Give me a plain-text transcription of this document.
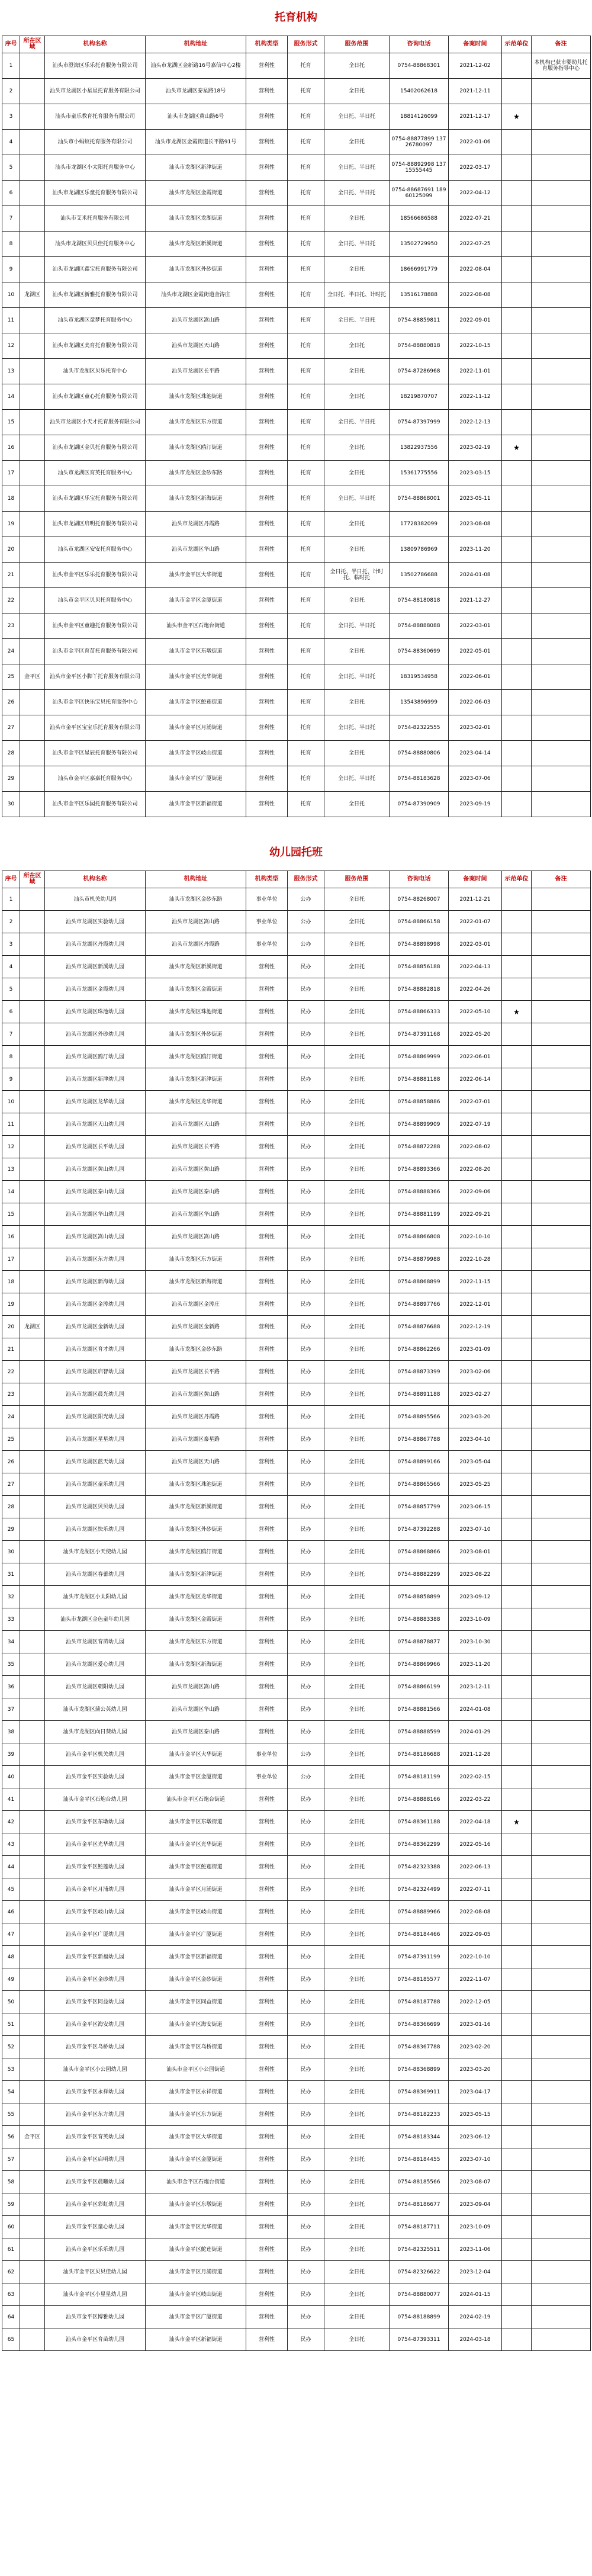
托育机构
序号	所在区域	机构名称	机构地址	机构类型	服务形式	服务范围	咨询电话	备案时间	示范单位	备注
1		汕头市澄海区乐乐托育服务有限公司	汕头市龙湖区金新路16号嘉信中心2楼	营利性	托育	全日托	0754-88868301	2021-12-02		本机构已获市婴幼儿托育服务指导中心
2		汕头市龙湖区小星星托育服务有限公司	汕头市龙湖区泰星路18号	营利性	托育	全日托	15402062618	2021-12-11		
3		汕头市童乐教育托育服务有限公司	汕头市龙湖区黄山路6号	营利性	托育	全日托、半日托	18814126099	2021-12-17	★	
4		汕头市小蚂蚁托育服务有限公司	汕头市龙湖区金霞街道长平路91号	营利性	托育	全日托	0754-88877899 13726780097	2022-01-06		
5		汕头市龙湖区小太阳托育服务中心	汕头市龙湖区新津街道	营利性	托育	全日托、半日托	0754-88892998 13715555445	2022-03-17		
6		汕头市龙湖区乐童托育服务有限公司	汕头市龙湖区金霞街道	营利性	托育	全日托、半日托	0754-88687691 18960125099	2022-04-12		
7		汕头市艾米托育服务有限公司	汕头市龙湖区龙湖街道	营利性	托育	全日托	18566686588	2022-07-21		
8		汕头市龙湖区贝贝佳托育服务中心	汕头市龙湖区新溪街道	营利性	托育	全日托、半日托	13502729950	2022-07-25		
9		汕头市龙湖区鑫宝托育服务有限公司	汕头市龙湖区外砂街道	营利性	托育	全日托	18666991779	2022-08-04		
10	龙湖区	汕头市龙湖区新雅托育服务有限公司	汕头市龙湖区金霞街道金涛庄	营利性	托育	全日托、半日托、计时托	13516178888	2022-08-08		
11		汕头市龙湖区童梦托育服务中心	汕头市龙湖区嵩山路	营利性	托育	全日托、半日托	0754-88859811	2022-09-01		
12		汕头市龙湖区美育托育服务有限公司	汕头市龙湖区天山路	营利性	托育	全日托	0754-88880818	2022-10-15		
13		汕头市龙湖区贝乐托育中心	汕头市龙湖区长平路	营利性	托育	全日托	0754-87286968	2022-11-01		
14		汕头市龙湖区童心托育服务有限公司	汕头市龙湖区珠池街道	营利性	托育	全日托	18219870707	2022-11-12		
15		汕头市龙湖区小天才托育服务有限公司	汕头市龙湖区东方街道	营利性	托育	全日托、半日托	0754-87397999	2022-12-13		
16		汕头市龙湖区金贝托育服务有限公司	汕头市龙湖区鸥汀街道	营利性	托育	全日托	13822937556	2023-02-19	★	
17		汕头市龙湖区育英托育服务中心	汕头市龙湖区金砂东路	营利性	托育	全日托	15361775556	2023-03-15		
18		汕头市龙湖区乐宝托育服务有限公司	汕头市龙湖区新海街道	营利性	托育	全日托、半日托	0754-88868001	2023-05-11		
19		汕头市龙湖区启明托育服务有限公司	汕头市龙湖区丹霞路	营利性	托育	全日托	17728382099	2023-08-08		
20		汕头市龙湖区安安托育服务中心	汕头市龙湖区华山路	营利性	托育	全日托	13809786969	2023-11-20		
21		汕头市金平区乐乐托育服务有限公司	汕头市金平区大华街道	营利性	托育	全日托、半日托、计时托、临时托	13502786688	2024-01-08		
22		汕头市金平区贝贝托育服务中心	汕头市金平区金厦街道	营利性	托育	全日托	0754-88180818	2021-12-27		
23		汕头市金平区童趣托育服务有限公司	汕头市金平区石炮台街道	营利性	托育	全日托、半日托	0754-88888088	2022-03-01		
24		汕头市金平区育苗托育服务有限公司	汕头市金平区东墩街道	营利性	托育	全日托	0754-88360699	2022-05-01		
25	金平区	汕头市金平区小脚丫托育服务有限公司	汕头市金平区光华街道	营利性	托育	全日托、半日托	18319534958	2022-06-01		
26		汕头市金平区快乐宝贝托育服务中心	汕头市金平区鮀莲街道	营利性	托育	全日托	13543896999	2022-06-03		
27		汕头市金平区宝宝乐托育服务有限公司	汕头市金平区月浦街道	营利性	托育	全日托、半日托	0754-82322555	2023-02-01		
28		汕头市金平区星辰托育服务有限公司	汕头市金平区岐山街道	营利性	托育	全日托	0754-88880806	2023-04-14		
29		汕头市金平区嘉嘉托育服务中心	汕头市金平区广厦街道	营利性	托育	全日托、半日托	0754-88183628	2023-07-06		
30		汕头市金平区乐园托育服务有限公司	汕头市金平区新福街道	营利性	托育	全日托	0754-87390909	2023-09-19		
幼儿园托班
序号	所在区域	机构名称	机构地址	机构类型	服务形式	服务范围	咨询电话	备案时间	示范单位	备注
1		汕头市机关幼儿园	汕头市龙湖区金砂东路	事业单位	公办	全日托	0754-88268007	2021-12-21		
2		汕头市龙湖区实验幼儿园	汕头市龙湖区嵩山路	事业单位	公办	全日托	0754-88866158	2022-01-07		
3		汕头市龙湖区丹霞幼儿园	汕头市龙湖区丹霞路	事业单位	公办	全日托	0754-88898998	2022-03-01		
4		汕头市龙湖区新溪幼儿园	汕头市龙湖区新溪街道	营利性	民办	全日托	0754-88856188	2022-04-13		
5		汕头市龙湖区金霞幼儿园	汕头市龙湖区金霞街道	营利性	民办	全日托	0754-88882818	2022-04-26		
6		汕头市龙湖区珠池幼儿园	汕头市龙湖区珠池街道	营利性	民办	全日托	0754-88866333	2022-05-10	★	
7		汕头市龙湖区外砂幼儿园	汕头市龙湖区外砂街道	营利性	民办	全日托	0754-87391168	2022-05-20		
8		汕头市龙湖区鸥汀幼儿园	汕头市龙湖区鸥汀街道	营利性	民办	全日托	0754-88869999	2022-06-01		
9		汕头市龙湖区新津幼儿园	汕头市龙湖区新津街道	营利性	民办	全日托	0754-88881188	2022-06-14		
10		汕头市龙湖区龙华幼儿园	汕头市龙湖区龙华街道	营利性	民办	全日托	0754-88858886	2022-07-01		
11		汕头市龙湖区天山幼儿园	汕头市龙湖区天山路	营利性	民办	全日托	0754-88899909	2022-07-19		
12		汕头市龙湖区长平幼儿园	汕头市龙湖区长平路	营利性	民办	全日托	0754-88872288	2022-08-02		
13		汕头市龙湖区黄山幼儿园	汕头市龙湖区黄山路	营利性	民办	全日托	0754-88893366	2022-08-20		
14		汕头市龙湖区泰山幼儿园	汕头市龙湖区泰山路	营利性	民办	全日托	0754-88888366	2022-09-06		
15		汕头市龙湖区华山幼儿园	汕头市龙湖区华山路	营利性	民办	全日托	0754-88881199	2022-09-21		
16		汕头市龙湖区嵩山幼儿园	汕头市龙湖区嵩山路	营利性	民办	全日托	0754-88866808	2022-10-10		
17		汕头市龙湖区东方幼儿园	汕头市龙湖区东方街道	营利性	民办	全日托	0754-88879988	2022-10-28		
18		汕头市龙湖区新海幼儿园	汕头市龙湖区新海街道	营利性	民办	全日托	0754-88868899	2022-11-15		
19		汕头市龙湖区金涛幼儿园	汕头市龙湖区金涛庄	营利性	民办	全日托	0754-88897766	2022-12-01		
20	龙湖区	汕头市龙湖区金新幼儿园	汕头市龙湖区金新路	营利性	民办	全日托	0754-88876688	2022-12-19		
21		汕头市龙湖区育才幼儿园	汕头市龙湖区金砂东路	营利性	民办	全日托	0754-88862266	2023-01-09		
22		汕头市龙湖区启智幼儿园	汕头市龙湖区长平路	营利性	民办	全日托	0754-88873399	2023-02-06		
23		汕头市龙湖区晨光幼儿园	汕头市龙湖区黄山路	营利性	民办	全日托	0754-88891188	2023-02-27		
24		汕头市龙湖区阳光幼儿园	汕头市龙湖区丹霞路	营利性	民办	全日托	0754-88895566	2023-03-20		
25		汕头市龙湖区星星幼儿园	汕头市龙湖区泰星路	营利性	民办	全日托	0754-88867788	2023-04-10		
26		汕头市龙湖区蓝天幼儿园	汕头市龙湖区天山路	营利性	民办	全日托	0754-88899166	2023-05-04		
27		汕头市龙湖区童乐幼儿园	汕头市龙湖区珠池街道	营利性	民办	全日托	0754-88865566	2023-05-25		
28		汕头市龙湖区贝贝幼儿园	汕头市龙湖区新溪街道	营利性	民办	全日托	0754-88857799	2023-06-15		
29		汕头市龙湖区快乐幼儿园	汕头市龙湖区外砂街道	营利性	民办	全日托	0754-87392288	2023-07-10		
30		汕头市龙湖区小天使幼儿园	汕头市龙湖区鸥汀街道	营利性	民办	全日托	0754-88868866	2023-08-01		
31		汕头市龙湖区春蕾幼儿园	汕头市龙湖区新津街道	营利性	民办	全日托	0754-88882299	2023-08-22		
32		汕头市龙湖区小太阳幼儿园	汕头市龙湖区龙华街道	营利性	民办	全日托	0754-88858899	2023-09-12		
33		汕头市龙湖区金色童年幼儿园	汕头市龙湖区金霞街道	营利性	民办	全日托	0754-88883388	2023-10-09		
34		汕头市龙湖区育苗幼儿园	汕头市龙湖区东方街道	营利性	民办	全日托	0754-88878877	2023-10-30		
35		汕头市龙湖区爱心幼儿园	汕头市龙湖区新海街道	营利性	民办	全日托	0754-88869966	2023-11-20		
36		汕头市龙湖区朝阳幼儿园	汕头市龙湖区嵩山路	营利性	民办	全日托	0754-88866199	2023-12-11		
37		汕头市龙湖区蒲公英幼儿园	汕头市龙湖区华山路	营利性	民办	全日托	0754-88881566	2024-01-08		
38		汕头市龙湖区向日葵幼儿园	汕头市龙湖区泰山路	营利性	民办	全日托	0754-88888599	2024-01-29		
39		汕头市金平区机关幼儿园	汕头市金平区大华街道	事业单位	公办	全日托	0754-88186688	2021-12-28		
40		汕头市金平区实验幼儿园	汕头市金平区金厦街道	事业单位	公办	全日托	0754-88181199	2022-02-15		
41		汕头市金平区石炮台幼儿园	汕头市金平区石炮台街道	营利性	民办	全日托	0754-88888166	2022-03-22		
42		汕头市金平区东墩幼儿园	汕头市金平区东墩街道	营利性	民办	全日托	0754-88361188	2022-04-18	★	
43		汕头市金平区光华幼儿园	汕头市金平区光华街道	营利性	民办	全日托	0754-88362299	2022-05-16		
44		汕头市金平区鮀莲幼儿园	汕头市金平区鮀莲街道	营利性	民办	全日托	0754-82323388	2022-06-13		
45		汕头市金平区月浦幼儿园	汕头市金平区月浦街道	营利性	民办	全日托	0754-82324499	2022-07-11		
46		汕头市金平区岐山幼儿园	汕头市金平区岐山街道	营利性	民办	全日托	0754-88889966	2022-08-08		
47		汕头市金平区广厦幼儿园	汕头市金平区广厦街道	营利性	民办	全日托	0754-88184466	2022-09-05		
48		汕头市金平区新福幼儿园	汕头市金平区新福街道	营利性	民办	全日托	0754-87391199	2022-10-10		
49		汕头市金平区金砂幼儿园	汕头市金平区金砂街道	营利性	民办	全日托	0754-88185577	2022-11-07		
50		汕头市金平区同益幼儿园	汕头市金平区同益街道	营利性	民办	全日托	0754-88187788	2022-12-05		
51		汕头市金平区海安幼儿园	汕头市金平区海安街道	营利性	民办	全日托	0754-88366699	2023-01-16		
52		汕头市金平区乌桥幼儿园	汕头市金平区乌桥街道	营利性	民办	全日托	0754-88367788	2023-02-20		
53		汕头市金平区小公园幼儿园	汕头市金平区小公园街道	营利性	民办	全日托	0754-88368899	2023-03-20		
54		汕头市金平区永祥幼儿园	汕头市金平区永祥街道	营利性	民办	全日托	0754-88369911	2023-04-17		
55		汕头市金平区东方幼儿园	汕头市金平区东方街道	营利性	民办	全日托	0754-88182233	2023-05-15		
56	金平区	汕头市金平区育英幼儿园	汕头市金平区大华街道	营利性	民办	全日托	0754-88183344	2023-06-12		
57		汕头市金平区启明幼儿园	汕头市金平区金厦街道	营利性	民办	全日托	0754-88184455	2023-07-10		
58		汕头市金平区晨曦幼儿园	汕头市金平区石炮台街道	营利性	民办	全日托	0754-88185566	2023-08-07		
59		汕头市金平区彩虹幼儿园	汕头市金平区东墩街道	营利性	民办	全日托	0754-88186677	2023-09-04		
60		汕头市金平区童心幼儿园	汕头市金平区光华街道	营利性	民办	全日托	0754-88187711	2023-10-09		
61		汕头市金平区乐乐幼儿园	汕头市金平区鮀莲街道	营利性	民办	全日托	0754-82325511	2023-11-06		
62		汕头市金平区贝贝佳幼儿园	汕头市金平区月浦街道	营利性	民办	全日托	0754-82326622	2023-12-04		
63		汕头市金平区小星星幼儿园	汕头市金平区岐山街道	营利性	民办	全日托	0754-88880077	2024-01-15		
64		汕头市金平区博雅幼儿园	汕头市金平区广厦街道	营利性	民办	全日托	0754-88188899	2024-02-19		
65		汕头市金平区育苗幼儿园	汕头市金平区新福街道	营利性	民办	全日托	0754-87393311	2024-03-18		
